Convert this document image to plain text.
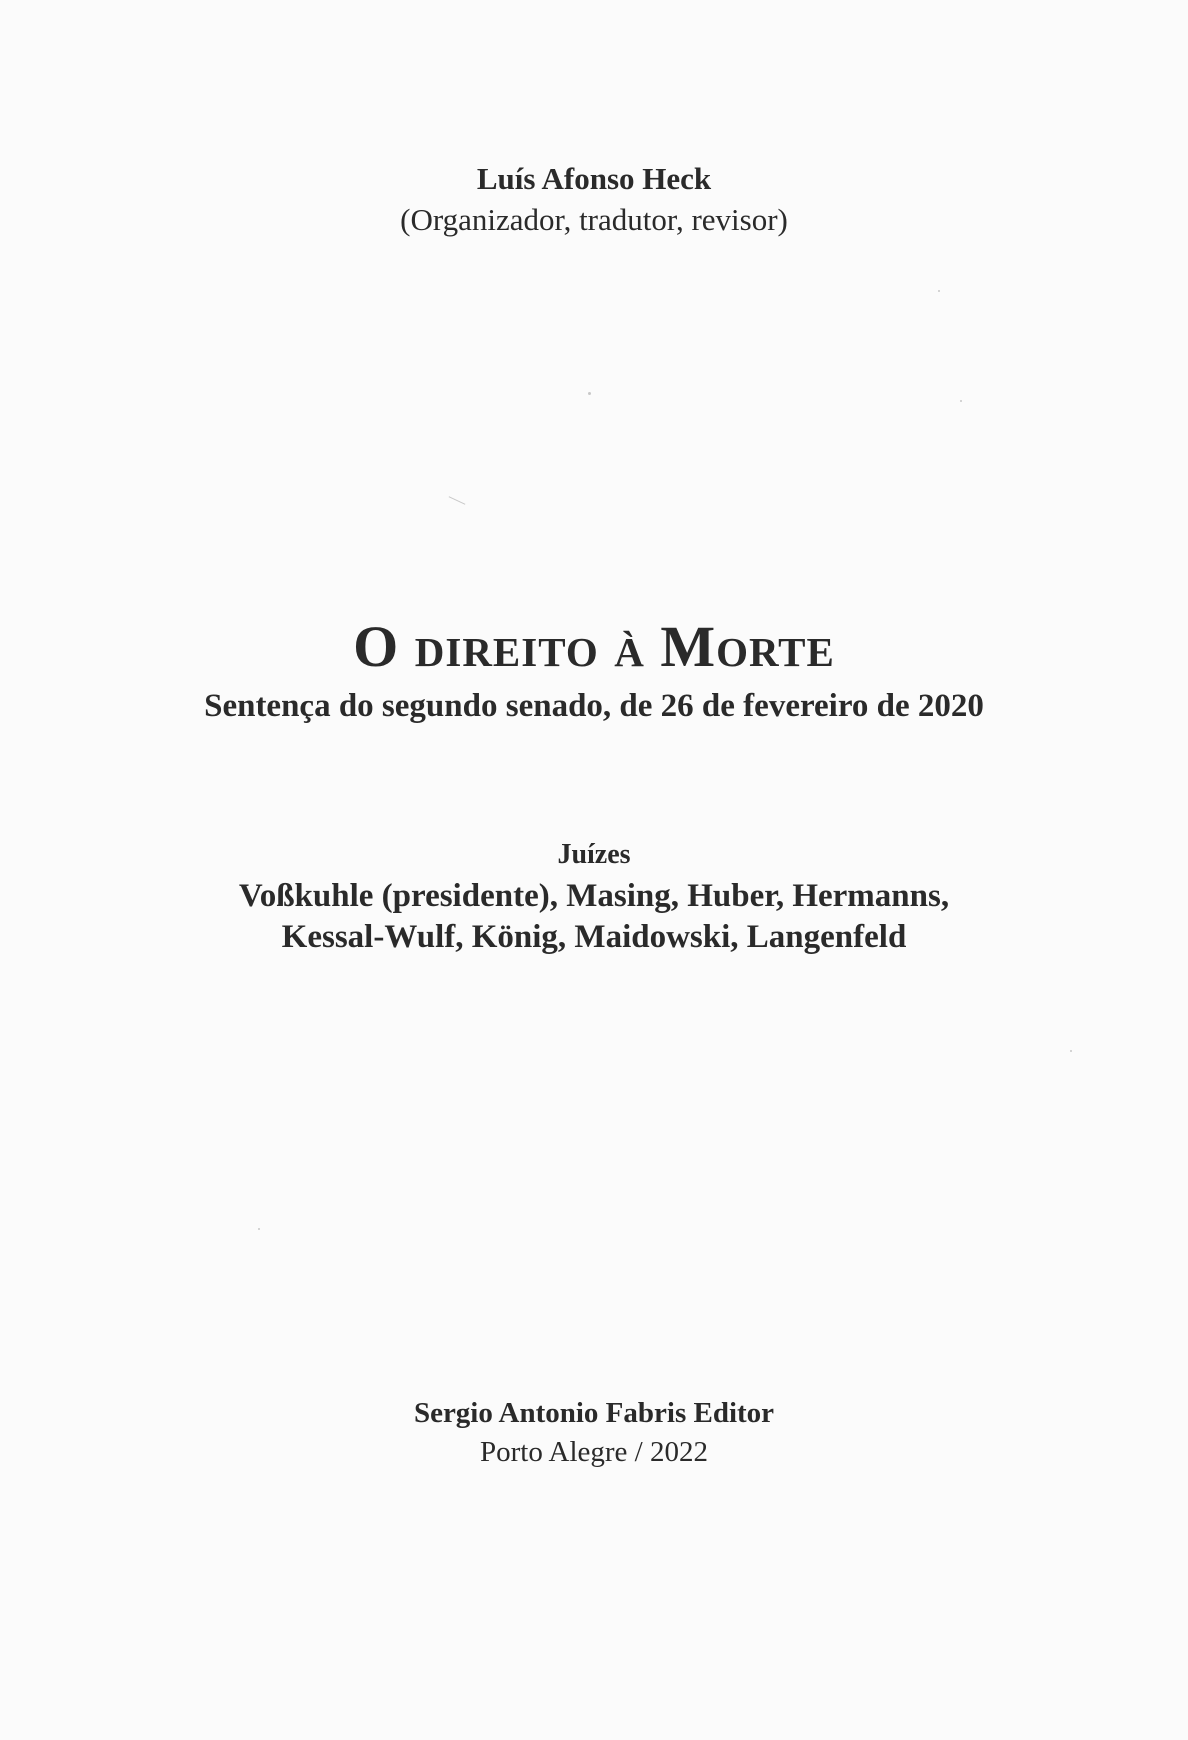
Luís Afonso Heck
(Organizador, tradutor, revisor)
O direito à Morte
Sentença do segundo senado, de 26 de fevereiro de 2020
Juízes
Voßkuhle (presidente), Masing, Huber, Hermanns,
Kessal-Wulf, König, Maidowski, Langenfeld
Sergio Antonio Fabris Editor
Porto Alegre / 2022
